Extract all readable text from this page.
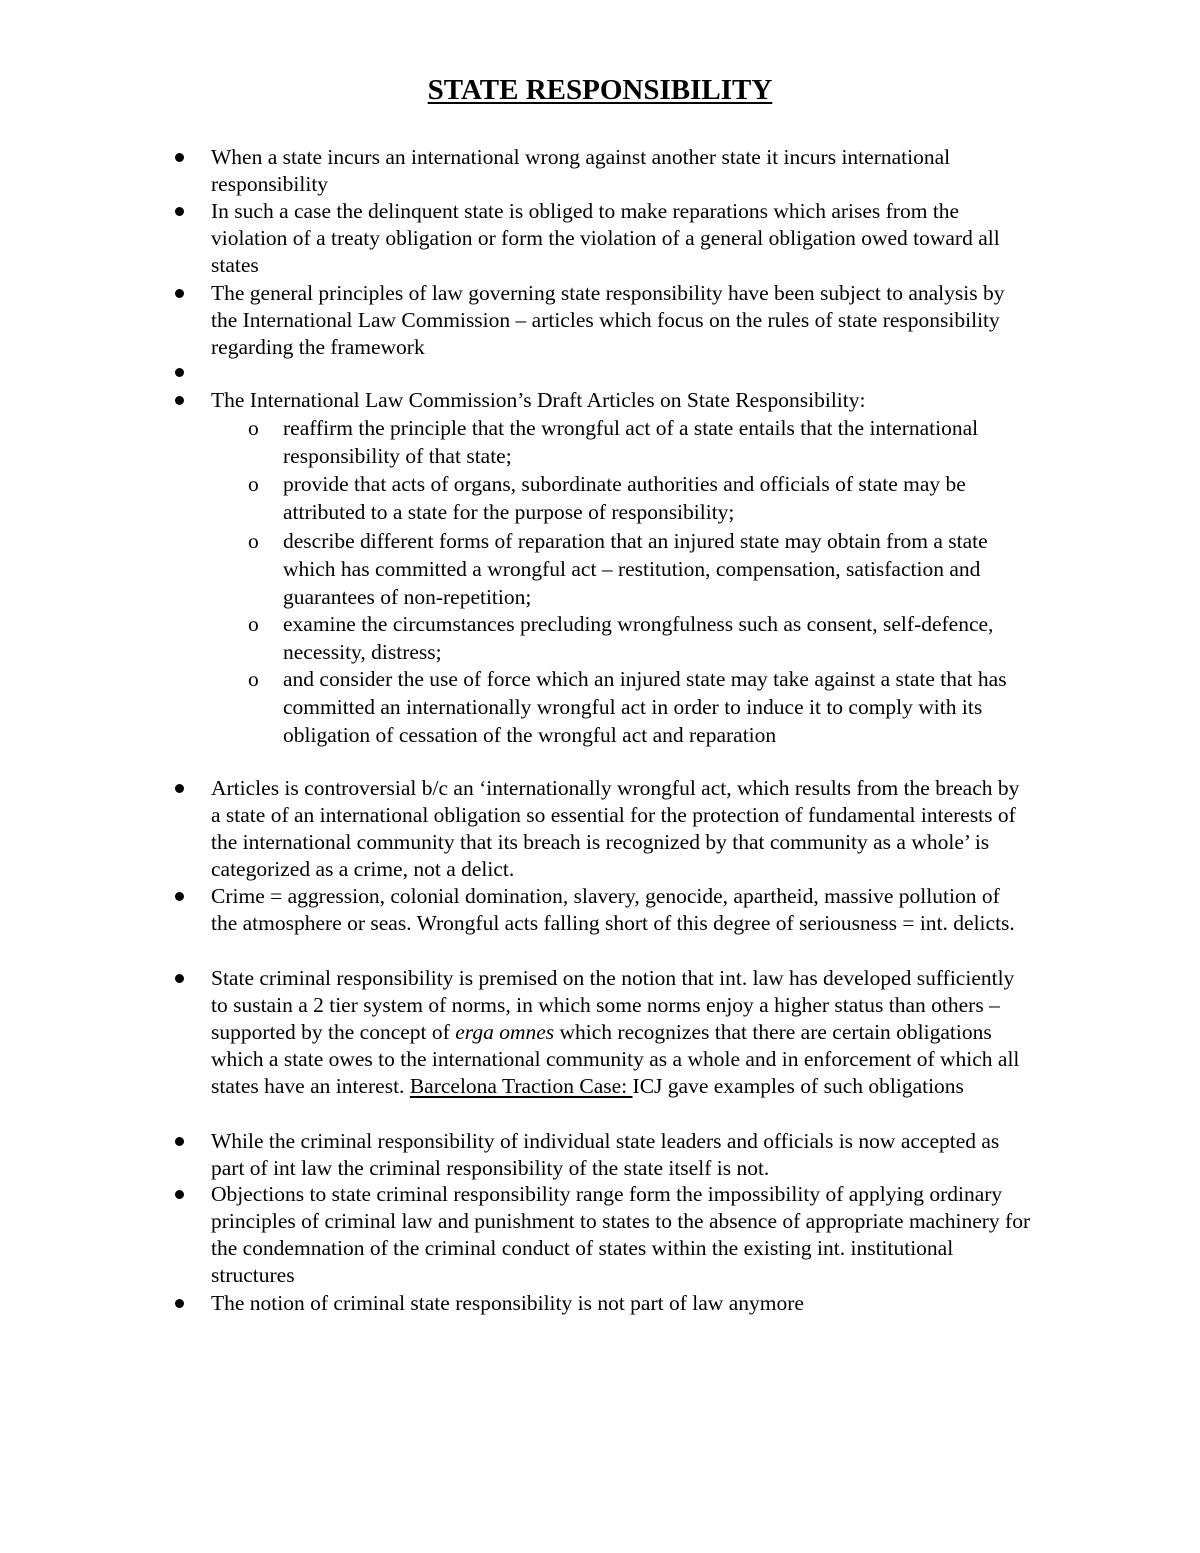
STATE RESPONSIBILITY
When a state incurs an international wrong against another state it incurs international responsibility
In such a case the delinquent state is obliged to make reparations which arises from the violation of a treaty obligation or form the violation of a general obligation owed toward all states
The general principles of law governing state responsibility have been subject to analysis by the International Law Commission – articles which focus on the rules of state responsibility regarding the framework
The International Law Commission’s Draft Articles on State Responsibility:
o reaffirm the principle that the wrongful act of a state entails that the international responsibility of that state;
o provide that acts of organs, subordinate authorities and officials of state may be attributed to a state for the purpose of responsibility;
o describe different forms of reparation that an injured state may obtain from a state which has committed a wrongful act – restitution, compensation, satisfaction and guarantees of non-repetition;
o examine the circumstances precluding wrongfulness such as consent, self-defence, necessity, distress;
o and consider the use of force which an injured state may take against a state that has committed an internationally wrongful act in order to induce it to comply with its obligation of cessation of the wrongful act and reparation
Articles is controversial b/c an ‘internationally wrongful act, which results from the breach by a state of an international obligation so essential for the protection of fundamental interests of the international community that its breach is recognized by that community as a whole’ is categorized as a crime, not a delict.
Crime = aggression, colonial domination, slavery, genocide, apartheid, massive pollution of the atmosphere or seas. Wrongful acts falling short of this degree of seriousness = int. delicts.
State criminal responsibility is premised on the notion that int. law has developed sufficiently to sustain a 2 tier system of norms, in which some norms enjoy a higher status than others – supported by the concept of erga omnes which recognizes that there are certain obligations which a state owes to the international community as a whole and in enforcement of which all states have an interest. Barcelona Traction Case: ICJ gave examples of such obligations
While the criminal responsibility of individual state leaders and officials is now accepted as part of int law the criminal responsibility of the state itself is not.
Objections to state criminal responsibility range form the impossibility of applying ordinary principles of criminal law and punishment to states to the absence of appropriate machinery for the condemnation of the criminal conduct of states within the existing int. institutional structures
The notion of criminal state responsibility is not part of law anymore
